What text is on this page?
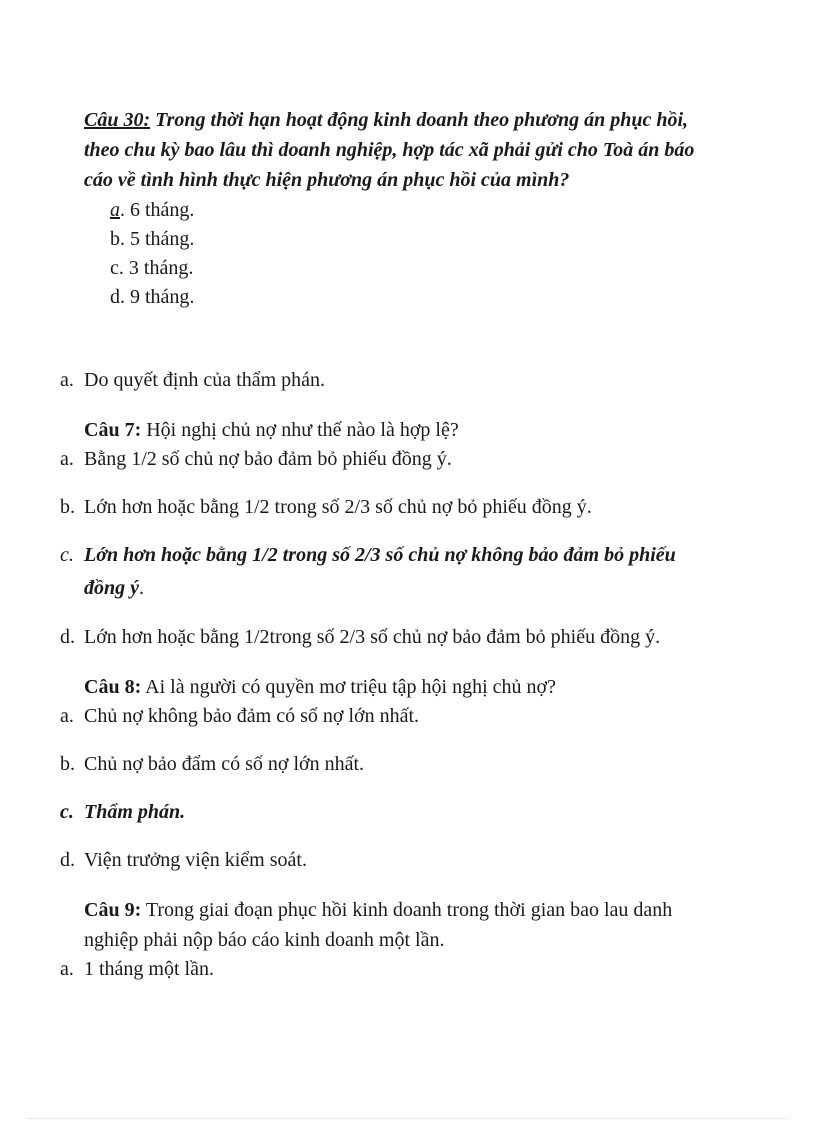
Câu 30: Trong thời hạn hoạt động kinh doanh theo phương án phục hồi,
theo chu kỳ bao lâu thì doanh nghiệp, hợp tác xã phải gửi cho Toà án báo
cáo về tình hình thực hiện phương án phục hồi của mình?
a. 6 tháng.
b. 5 tháng.
c. 3 tháng.
d. 9 tháng.
a. Do quyết định của thẩm phán.
Câu 7: Hội nghị chủ nợ như thế nào là hợp lệ?
a. Bằng 1/2 số chủ nợ bảo đảm bỏ phiếu đồng ý.
b. Lớn hơn hoặc bằng 1/2 trong số 2/3 số chủ nợ bỏ phiếu đồng ý.
c. Lớn hơn hoặc bằng 1/2 trong số 2/3 số chủ nợ không bảo đảm bỏ phiếu
đồng ý.
d. Lớn hơn hoặc bằng 1/2trong số 2/3 số chủ nợ bảo đảm bỏ phiếu đồng ý.
Câu 8: Ai là người có quyền mơ triệu tập hội nghị chủ nợ?
a. Chủ nợ không bảo đảm có số nợ lớn nhất.
b. Chủ nợ bảo đẩm có số nợ lớn nhất.
c. Thẩm phán.
d. Viện trưởng viện kiểm soát.
Câu 9: Trong giai đoạn phục hồi kinh doanh trong thời gian bao lau danh
nghiệp phải nộp báo cáo kinh doanh một lần.
a. 1 tháng một lần.
